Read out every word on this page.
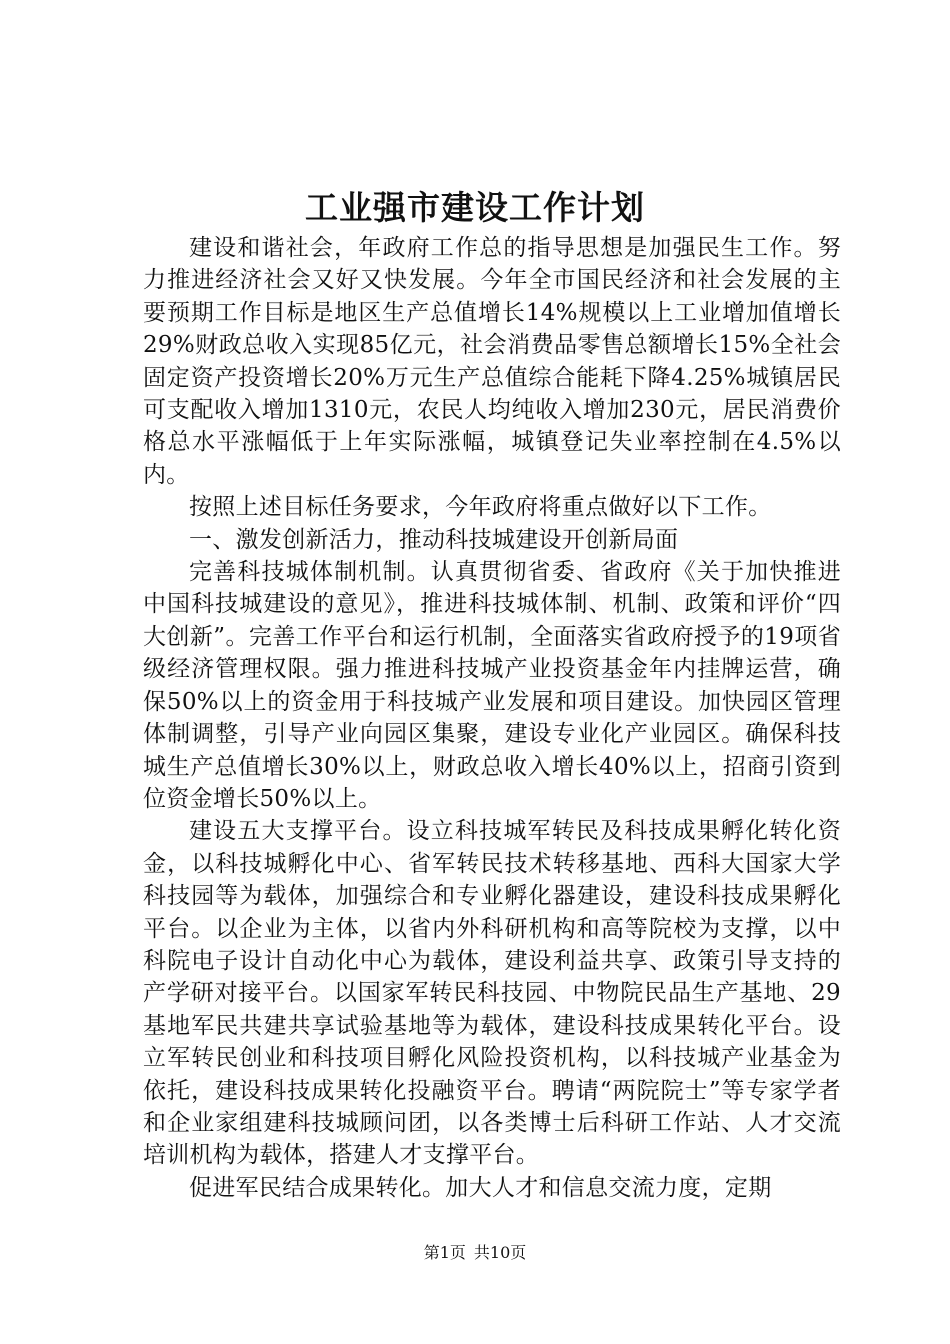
工业强市建设工作计划

建设和谐社会，年政府工作总的指导思想是加强民生工作。努力推进经济社会又好又快发展。今年全市国民经济和社会发展的主要预期工作目标是地区生产总值增长14%规模以上工业增加值增长29%财政总收入实现85亿元，社会消费品零售总额增长15%全社会固定资产投资增长20%万元生产总值综合能耗下降4.25%城镇居民可支配收入增加1310元，农民人均纯收入增加230元，居民消费价格总水平涨幅低于上年实际涨幅，城镇登记失业率控制在4.5%以内。

按照上述目标任务要求，今年政府将重点做好以下工作。

一、激发创新活力，推动科技城建设开创新局面

完善科技城体制机制。认真贯彻省委、省政府《关于加快推进中国科技城建设的意见》，推进科技城体制、机制、政策和评价“四大创新”。完善工作平台和运行机制，全面落实省政府授予的19项省级经济管理权限。强力推进科技城产业投资基金年内挂牌运营，确保50%以上的资金用于科技城产业发展和项目建设。加快园区管理体制调整，引导产业向园区集聚，建设专业化产业园区。确保科技城生产总值增长30%以上，财政总收入增长40%以上，招商引资到位资金增长50%以上。

建设五大支撑平台。设立科技城军转民及科技成果孵化转化资金，以科技城孵化中心、省军转民技术转移基地、西科大国家大学科技园等为载体，加强综合和专业孵化器建设，建设科技成果孵化平台。以企业为主体，以省内外科研机构和高等院校为支撑，以中科院电子设计自动化中心为载体，建设利益共享、政策引导支持的产学研对接平台。以国家军转民科技园、中物院民品生产基地、29基地军民共建共享试验基地等为载体，建设科技成果转化平台。设立军转民创业和科技项目孵化风险投资机构，以科技城产业基金为依托，建设科技成果转化投融资平台。聘请“两院院士”等专家学者和企业家组建科技城顾问团，以各类博士后科研工作站、人才交流培训机构为载体，搭建人才支撑平台。

促进军民结合成果转化。加大人才和信息交流力度，定期

第1页 共10页
